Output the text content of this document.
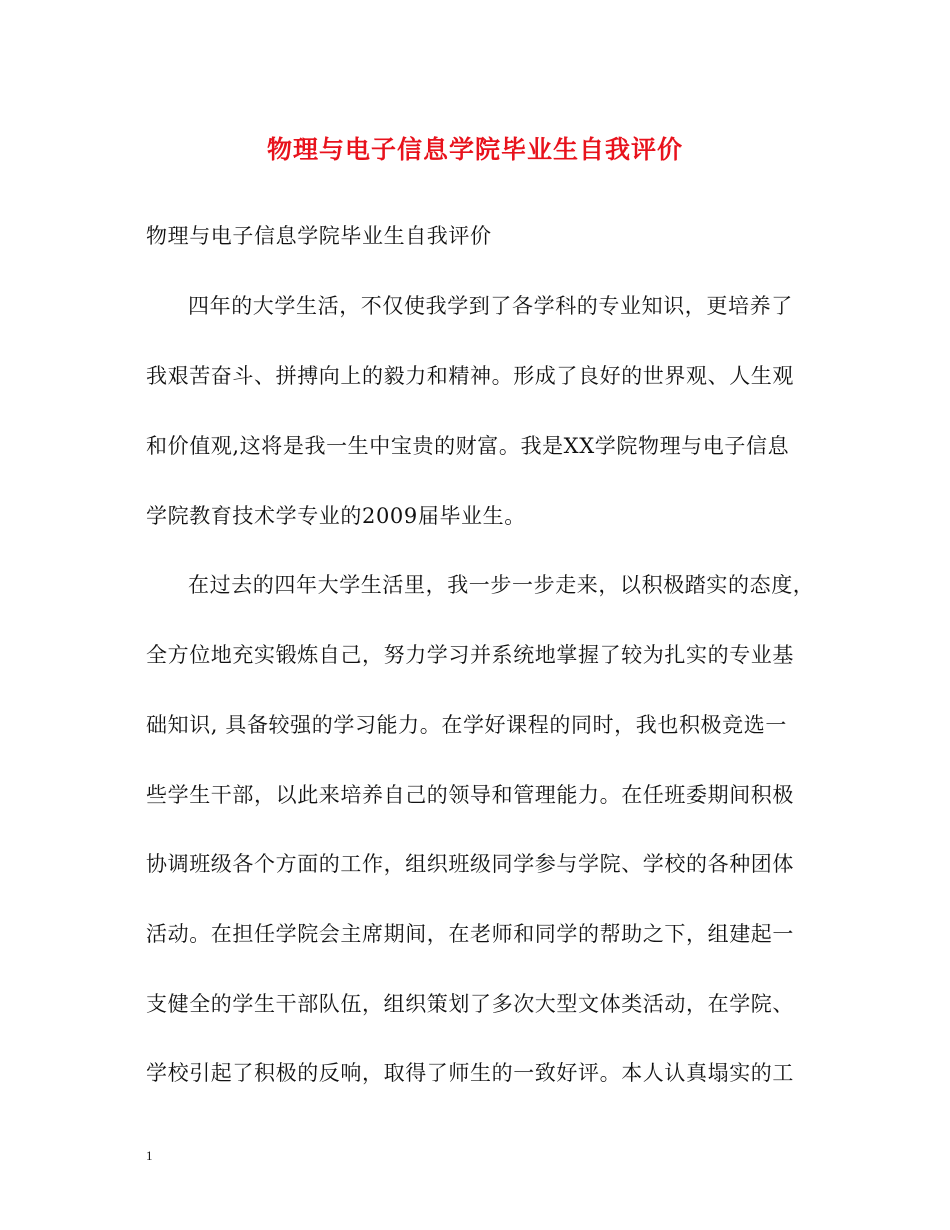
物理与电子信息学院毕业生自我评价
物理与电子信息学院毕业生自我评价
四年的大学生活，不仅使我学到了各学科的专业知识，更培养了
我艰苦奋斗、拼搏向上的毅力和精神。形成了良好的世界观、人生观
和价值观,这将是我一生中宝贵的财富。我是XX学院物理与电子信息
学院教育技术学专业的2009届毕业生。
在过去的四年大学生活里，我一步一步走来，以积极踏实的态度，
全方位地充实锻炼自己，努力学习并系统地掌握了较为扎实的专业基
础知识, 具备较强的学习能力。在学好课程的同时，我也积极竞选一
些学生干部，以此来培养自己的领导和管理能力。在任班委期间积极
协调班级各个方面的工作，组织班级同学参与学院、学校的各种团体
活动。在担任学院会主席期间，在老师和同学的帮助之下，组建起一
支健全的学生干部队伍，组织策划了多次大型文体类活动，在学院、
学校引起了积极的反响，取得了师生的一致好评。本人认真塌实的工
1
